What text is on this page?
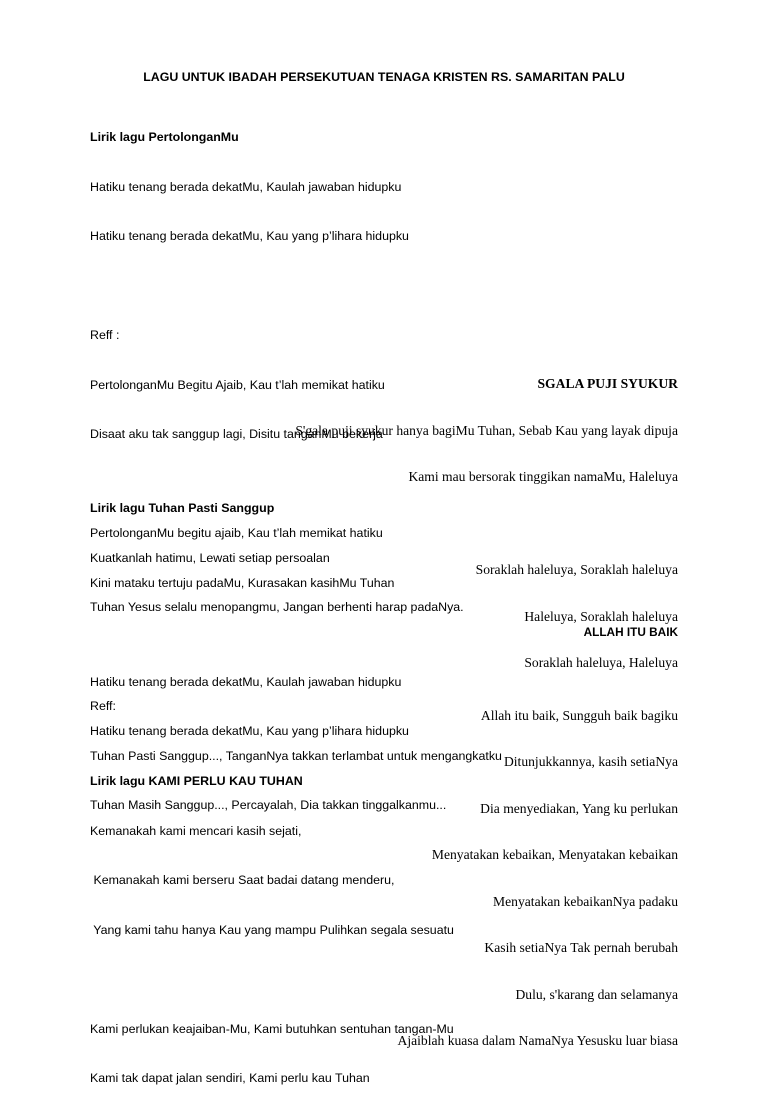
LAGU UNTUK IBADAH PERSEKUTUAN TENAGA KRISTEN RS. SAMARITAN PALU

Lirik lagu PertolonganMu

Hatiku tenang berada dekatMu, Kaulah jawaban hidupku

Hatiku tenang berada dekatMu, Kau yang p’lihara hidupku

Reff :

PertolonganMu Begitu Ajaib, Kau t’lah memikat hatiku

Disaat aku tak sanggup lagi, Disitu tanganMu bekerja

PertolonganMu begitu ajaib, Kau t’lah memikat hatiku

Kini mataku tertuju padaMu, Kurasakan kasihMu Tuhan

Hatiku tenang berada dekatMu, Kaulah jawaban hidupku

Hatiku tenang berada dekatMu, Kau yang p’lihara hidupku

SGALA PUJI SYUKUR

S'gala puji syukur hanya bagiMu Tuhan, Sebab Kau yang layak dipuja

Kami mau bersorak tinggikan namaMu, Haleluya

Soraklah haleluya, Soraklah haleluya

Haleluya, Soraklah haleluya

Soraklah haleluya, Haleluya

Lirik lagu Tuhan Pasti Sanggup

Kuatkanlah hatimu, Lewati setiap persoalan

Tuhan Yesus selalu menopangmu, Jangan berhenti harap padaNya.

Reff:

Tuhan Pasti Sanggup..., TanganNya takkan terlambat untuk mengangkatku

Tuhan Masih Sanggup..., Percayalah, Dia takkan tinggalkanmu...

ALLAH ITU BAIK

Allah itu baik, Sungguh baik bagiku

Ditunjukkannya, kasih setiaNya

Dia menyediakan, Yang ku perlukan

Menyatakan kebaikan, Menyatakan kebaikan

Menyatakan kebaikanNya padaku

Kasih setiaNya Tak pernah berubah

Dulu, s'karang dan selamanya

Ajaiblah kuasa dalam NamaNya Yesusku luar biasa

Lirik lagu KAMI PERLU KAU TUHAN

Kemanakah kami mencari kasih sejati,

Kemanakah kami berseru Saat badai datang menderu,

Yang kami tahu hanya Kau yang mampu Pulihkan segala sesuatu

Kami perlukan keajaiban-Mu, Kami butuhkan sentuhan tangan-Mu

Kami tak dapat jalan sendiri, Kami perlu kau Tuhan
